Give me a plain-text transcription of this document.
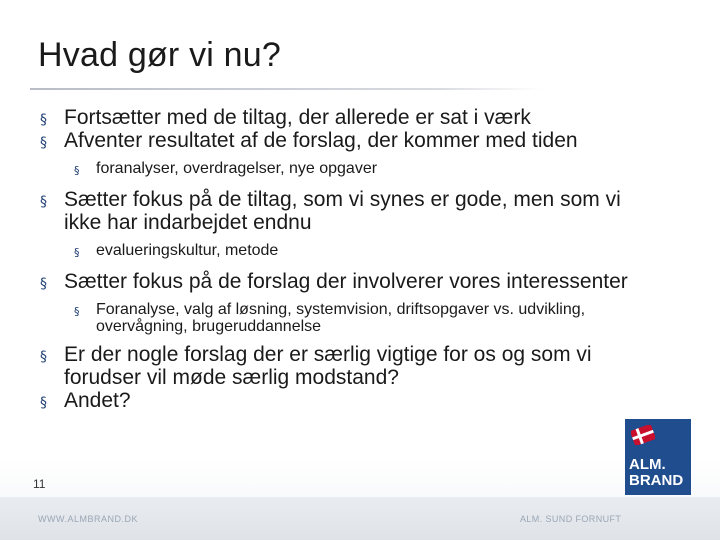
Hvad gør vi nu?
§ Fortsætter med de tiltag, der allerede er sat i værk
§ Afventer resultatet af de forslag, der kommer med tiden
§ foranalyser, overdragelser, nye opgaver
§ Sætter fokus på de tiltag, som vi synes er gode, men som vi ikke har indarbejdet endnu
§ evalueringskultur, metode
§ Sætter fokus på de forslag der involverer vores interessenter
§ Foranalyse, valg af løsning, systemvision, driftsopgaver vs. udvikling, overvågning, brugeruddannelse
§ Er der nogle forslag der er særlig vigtige for os og som vi forudser vil møde særlig modstand?
§ Andet?
11
ALM.
BRAND
WWW.ALMBRAND.DK	ALM. SUND FORNUFT
